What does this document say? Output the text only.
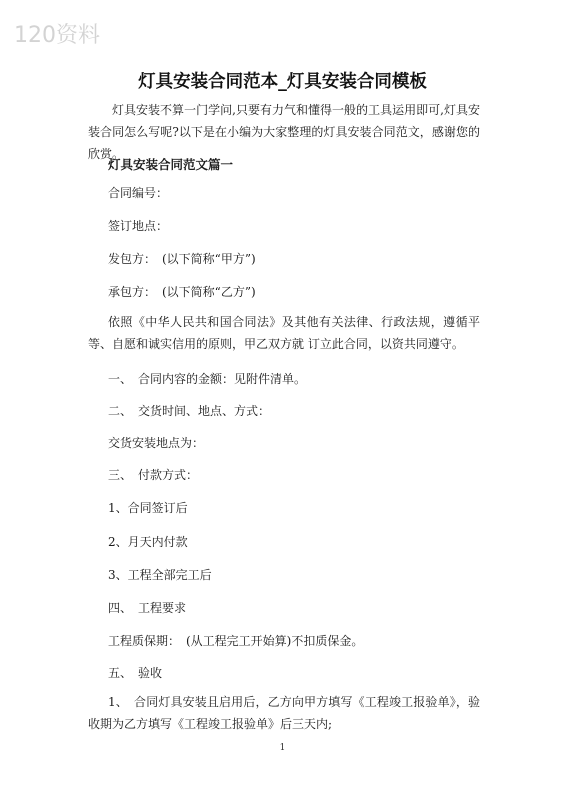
120资料
灯具安装合同范本_灯具安装合同模板
灯具安装不算一门学问,只要有力气和懂得一般的工具运用即可,灯具安装合同怎么写呢?以下是在小编为大家整理的灯具安装合同范文，感谢您的欣赏。
灯具安装合同范文篇一
合同编号：
签订地点：
发包方：　(以下简称“甲方”)
承包方：　(以下简称“乙方”)
依照《中华人民共和国合同法》及其他有关法律、行政法规，遵循平等、自愿和诚实信用的原则，甲乙双方就 订立此合同，以资共同遵守。
一、　合同内容的金额：见附件清单。
二、　交货时间、地点、方式：
交货安装地点为：
三、　付款方式：
1、合同签订后
2、月天内付款
3、工程全部完工后
四、　工程要求
工程质保期：　(从工程完工开始算)不扣质保金。
五、　验收
1、　合同灯具安装且启用后，乙方向甲方填写《工程竣工报验单》，验收期为乙方填写《工程竣工报验单》后三天内;
1
